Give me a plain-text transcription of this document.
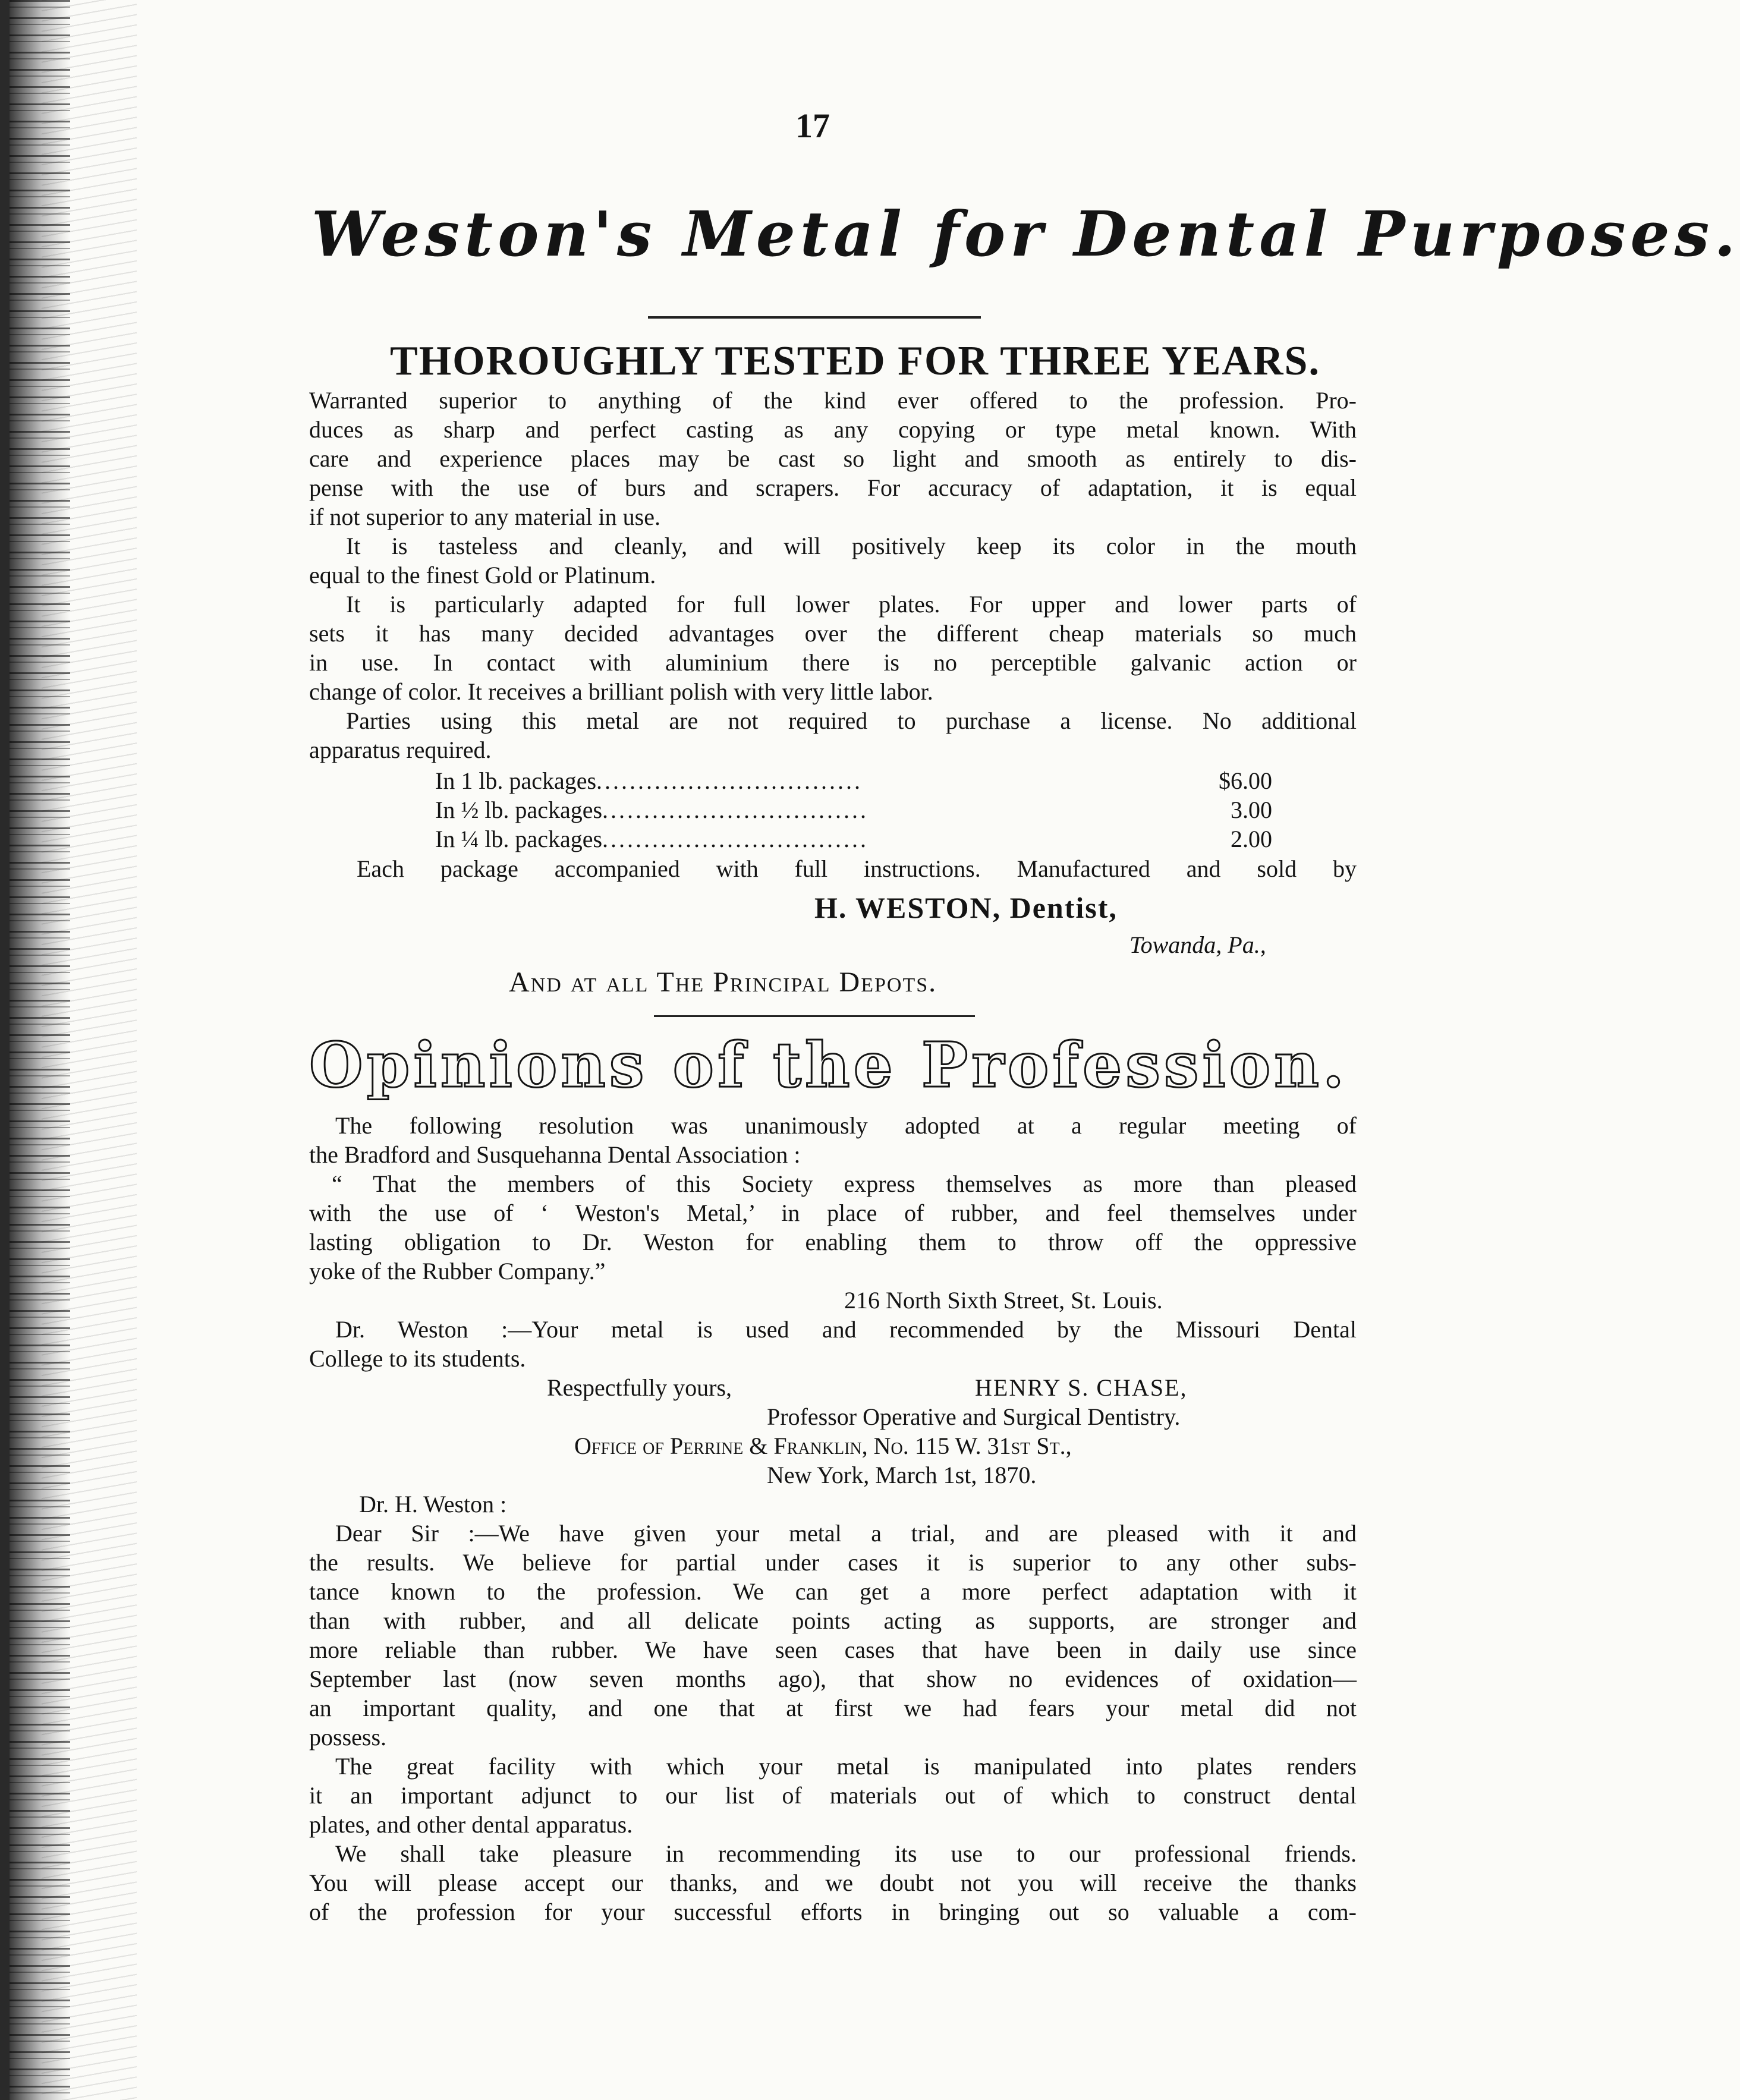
17
Weston's Metal for Dental Purposes.
THOROUGHLY TESTED FOR THREE YEARS.
Warranted superior to anything of the kind ever offered to the profession. Pro-
duces as sharp and perfect casting as any copying or type metal known. With
care and experience places may be cast so light and smooth as entirely to dis-
pense with the use of burs and scrapers. For accuracy of adaptation, it is equal
if not superior to any material in use.
It is tasteless and cleanly, and will positively keep its color in the mouth
equal to the finest Gold or Platinum.
It is particularly adapted for full lower plates. For upper and lower parts of
sets it has many decided advantages over the different cheap materials so much
in use. In contact with aluminium there is no perceptible galvanic action or
change of color. It receives a brilliant polish with very little labor.
Parties using this metal are not required to purchase a license. No additional
apparatus required.
In 1 lb. packages................................	$6.00
In ½ lb. packages................................	3.00
In ¼ lb. packages................................	2.00
Each package accompanied with full instructions. Manufactured and sold by
H. WESTON, Dentist,
Towanda, Pa.,
And at all The Principal Depots.
Opinions of the Profession.
The following resolution was unanimously adopted at a regular meeting of
the Bradford and Susquehanna Dental Association :
“ That the members of this Society express themselves as more than pleased
with the use of ‘ Weston's Metal,’ in place of rubber, and feel themselves under
lasting obligation to Dr. Weston for enabling them to throw off the oppressive
yoke of the Rubber Company.”
216 North Sixth Street, St. Louis.
Dr. Weston :—Your metal is used and recommended by the Missouri Dental
College to its students.
Respectfully yours,	HENRY S. CHASE,
Professor Operative and Surgical Dentistry.
Office of Perrine & Franklin, No. 115 W. 31st St.,
New York, March 1st, 1870.
Dr. H. Weston :
Dear Sir :—We have given your metal a trial, and are pleased with it and
the results. We believe for partial under cases it is superior to any other subs-
tance known to the profession. We can get a more perfect adaptation with it
than with rubber, and all delicate points acting as supports, are stronger and
more reliable than rubber. We have seen cases that have been in daily use since
September last (now seven months ago), that show no evidences of oxidation—
an important quality, and one that at first we had fears your metal did not
possess.
The great facility with which your metal is manipulated into plates renders
it an important adjunct to our list of materials out of which to construct dental
plates, and other dental apparatus.
We shall take pleasure in recommending its use to our professional friends.
You will please accept our thanks, and we doubt not you will receive the thanks
of the profession for your successful efforts in bringing out so valuable a com-
